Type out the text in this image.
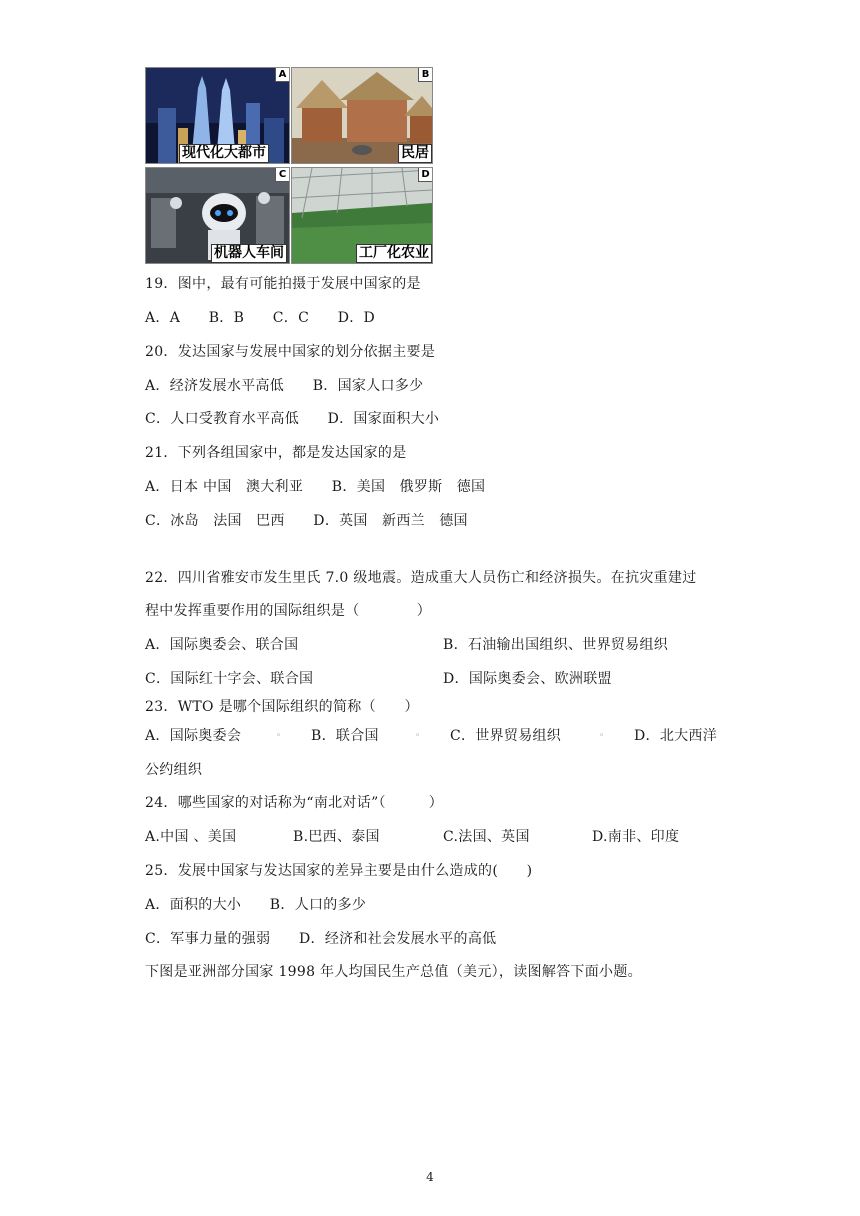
A
现代化大都市
B
民居
C
机器人车间
D
工厂化农业
19．图中，最有可能拍摄于发展中国家的是
A．A　　B．B　　C．C　　D．D
20．发达国家与发展中国家的划分依据主要是
A．经济发展水平高低　　B．国家人口多少
C．人口受教育水平高低　　D．国家面积大小
21．下列各组国家中，都是发达国家的是
A．日本 中国　澳大利亚　　B．美国　俄罗斯　德国
C．冰岛　法国　巴西　　D．英国　新西兰　德国
22．四川省雅安市发生里氏 7.0 级地震。造成重大人员伤亡和经济损失。在抗灾重建过
程中发挥重要作用的国际组织是（　　　　）
A．国际奥委会、联合国	B．石油输出国组织、世界贸易组织
C．国际红十字会、联合国	D．国际奥委会、欧洲联盟
23．WTO 是哪个国际组织的简称（　　）
A．国际奥委会	◦ B．联合国	◦ C．世界贸易组织	◦ D．北大西洋
公约组织
24．哪些国家的对话称为“南北对话”（　　　）
A.中国 、美国	B.巴西、泰国	C.法国、英国	D.南非、印度
25．发展中国家与发达国家的差异主要是由什么造成的(　　)
A．面积的大小　　B．人口的多少
C．军事力量的强弱　　D．经济和社会发展水平的高低
下图是亚洲部分国家 1998 年人均国民生产总值（美元），读图解答下面小题。
4
